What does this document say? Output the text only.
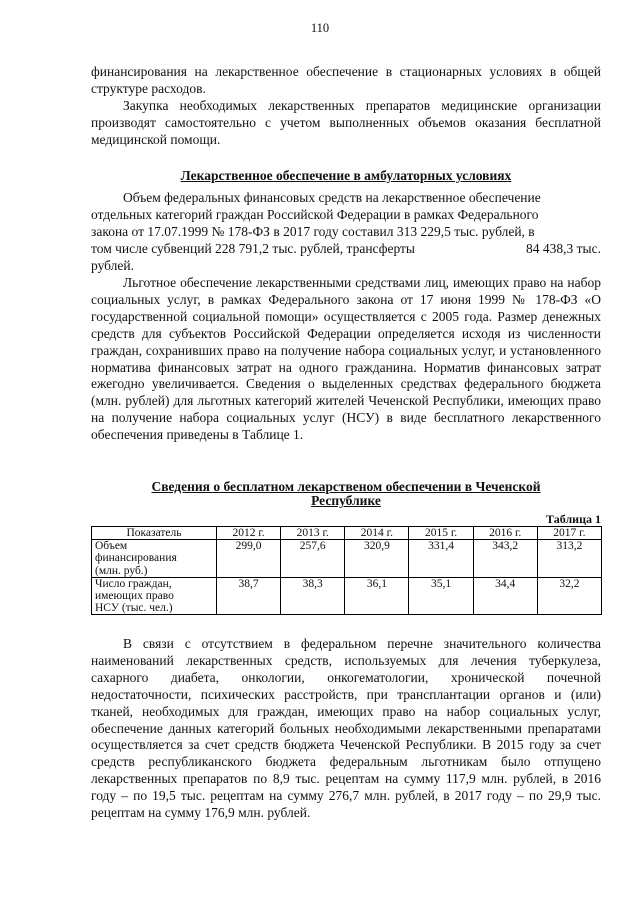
110

финансирования на лекарственное обеспечение в стационарных условиях в общей структуре расходов.

Закупка необходимых лекарственных препаратов медицинские организации производят самостоятельно с учетом выполненных объемов оказания бесплатной медицинской помощи.

Лекарственное обеспечение в амбулаторных условиях

Объем федеральных финансовых средств на лекарственное обеспечение

отдельных категорий граждан Российской Федерации в рамках Федерального

закона от 17.07.1999 № 178-ФЗ в 2017 году составил 313 229,5 тыс. рублей, в

том числе субвенций 228 791,2 тыс. рублей, трансферты	84 438,3 тыс.

рублей.

Льготное обеспечение лекарственными средствами лиц, имеющих право на набор социальных услуг, в рамках Федерального закона от 17 июня 1999 № 178-ФЗ «О государственной социальной помощи» осуществляется с 2005 года. Размер денежных средств для субъектов Российской Федерации определяется исходя из численности граждан, сохранивших право на получение набора социальных услуг, и установленного норматива финансовых затрат на одного гражданина. Норматив финансовых затрат ежегодно увеличивается. Сведения о выделенных средствах федерального бюджета (млн. рублей) для льготных категорий жителей Чеченской Республики, имеющих право на получение набора социальных услуг (НСУ) в виде бесплатного лекарственного обеспечения приведены в Таблице 1.

Сведения о бесплатном лекарственом обеспечении в Чеченской
Республике
Таблица 1
Показатель	2012 г.	2013 г.	2014 г.	2015 г.	2016 г.	2017 г.

Объем
финансирования
(млн. руб.)	299,0	257,6	320,9	331,4	343,2	313,2

Число граждан,
имеющих право
НСУ (тыс. чел.)	38,7	38,3	36,1	35,1	34,4	32,2

В связи с отсутствием в федеральном перечне значительного количества наименований лекарственных средств, используемых для лечения туберкулеза, сахарного диабета, онкологии, онкогематологии, хронической почечной недостаточности, психических расстройств, при трансплантации органов и (или) тканей, необходимых для граждан, имеющих право на набор социальных услуг, обеспечение данных категорий больных необходимыми лекарственными препаратами осуществляется за счет средств бюджета Чеченской Республики. В 2015 году за счет средств республиканского бюджета федеральным льготникам было отпущено лекарственных препаратов по 8,9 тыс. рецептам на сумму 117,9 млн. рублей, в 2016 году – по 19,5 тыс. рецептам на сумму 276,7 млн. рублей, в 2017 году – по 29,9 тыс. рецептам на сумму 176,9 млн. рублей.
